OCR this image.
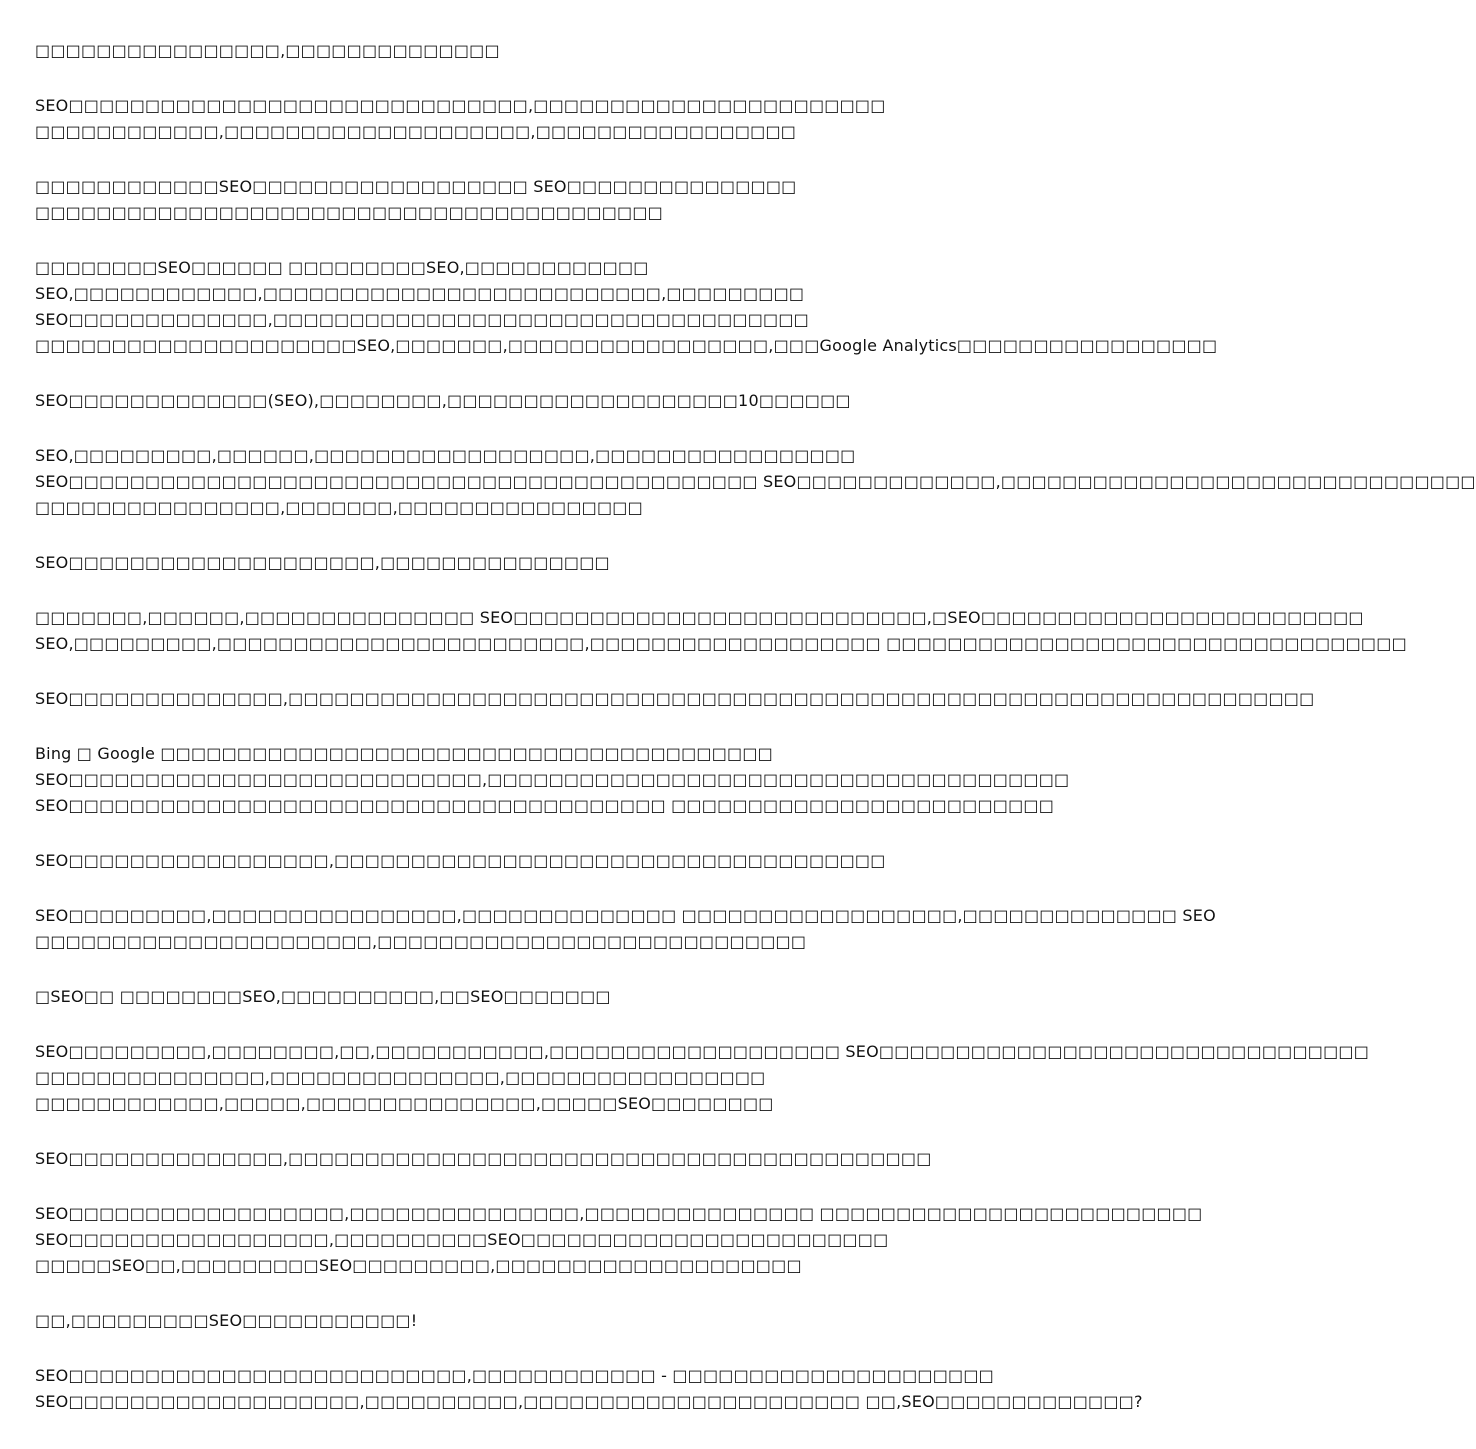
□□□□□□□□□□□□□□□□,□□□□□□□□□□□□□□
SEO□□□□□□□□□□□□□□□□□□□□□□□□□□□□□□,□□□□□□□□□□□□□□□□□□□□□□□
□□□□□□□□□□□□,□□□□□□□□□□□□□□□□□□□□,□□□□□□□□□□□□□□□□□
□□□□□□□□□□□□SEO□□□□□□□□□□□□□□□□□□ SEO□□□□□□□□□□□□□□□
□□□□□□□□□□□□□□□□□□□□□□□□□□□□□□□□□□□□□□□□□
□□□□□□□□SEO□□□□□□ □□□□□□□□□SEO,□□□□□□□□□□□□
SEO,□□□□□□□□□□□□,□□□□□□□□□□□□□□□□□□□□□□□□□□,□□□□□□□□□
SEO□□□□□□□□□□□□□,□□□□□□□□□□□□□□□□□□□□□□□□□□□□□□□□□□□
□□□□□□□□□□□□□□□□□□□□□SEO,□□□□□□□,□□□□□□□□□□□□□□□□□,□□□Google Analytics□□□□□□□□□□□□□□□□□
SEO□□□□□□□□□□□□□(SEO),□□□□□□□□,□□□□□□□□□□□□□□□□□□□10□□□□□□
SEO,□□□□□□□□□,□□□□□□,□□□□□□□□□□□□□□□□□□,□□□□□□□□□□□□□□□□□
SEO□□□□□□□□□□□□□□□□□□□□□□□□□□□□□□□□□□□□□□□□□□□□□ SEO□□□□□□□□□□□□□,□□□□□□□□□□□□□□□□□□□□□□□□□□□□□□□
□□□□□□□□□□□□□□□□,□□□□□□□,□□□□□□□□□□□□□□□□
SEO□□□□□□□□□□□□□□□□□□□□,□□□□□□□□□□□□□□□
□□□□□□□,□□□□□□,□□□□□□□□□□□□□□□ SEO□□□□□□□□□□□□□□□□□□□□□□□□□□□,□SEO□□□□□□□□□□□□□□□□□□□□□□□□□
SEO,□□□□□□□□□,□□□□□□□□□□□□□□□□□□□□□□□□,□□□□□□□□□□□□□□□□□□□ □□□□□□□□□□□□□□□□□□□□□□□□□□□□□□□□□□
SEO□□□□□□□□□□□□□□,□□□□□□□□□□□□□□□□□□□□□□□□□□□□□□□□□□□□□□□□□□□□□□□□□□□□□□□□□□□□□□□□□□□
Bing □ Google □□□□□□□□□□□□□□□□□□□□□□□□□□□□□□□□□□□□□□□□
SEO□□□□□□□□□□□□□□□□□□□□□□□□□□□,□□□□□□□□□□□□□□□□□□□□□□□□□□□□□□□□□□□□□□
SEO□□□□□□□□□□□□□□□□□□□□□□□□□□□□□□□□□□□□□□□ □□□□□□□□□□□□□□□□□□□□□□□□□
SEO□□□□□□□□□□□□□□□□□,□□□□□□□□□□□□□□□□□□□□□□□□□□□□□□□□□□□□
SEO□□□□□□□□□,□□□□□□□□□□□□□□□□,□□□□□□□□□□□□□□ □□□□□□□□□□□□□□□□□□,□□□□□□□□□□□□□□ SEO
□□□□□□□□□□□□□□□□□□□□□□,□□□□□□□□□□□□□□□□□□□□□□□□□□□□
□SEO□□ □□□□□□□□SEO,□□□□□□□□□□,□□SEO□□□□□□□
SEO□□□□□□□□□,□□□□□□□□,□□,□□□□□□□□□□□,□□□□□□□□□□□□□□□□□□□ SEO□□□□□□□□□□□□□□□□□□□□□□□□□□□□□□□□
□□□□□□□□□□□□□□□,□□□□□□□□□□□□□□□,□□□□□□□□□□□□□□□□□
□□□□□□□□□□□□,□□□□□,□□□□□□□□□□□□□□□,□□□□□SEO□□□□□□□□
SEO□□□□□□□□□□□□□□,□□□□□□□□□□□□□□□□□□□□□□□□□□□□□□□□□□□□□□□□□□
SEO□□□□□□□□□□□□□□□□□□,□□□□□□□□□□□□□□□,□□□□□□□□□□□□□□□ □□□□□□□□□□□□□□□□□□□□□□□□□
SEO□□□□□□□□□□□□□□□□□,□□□□□□□□□□SEO□□□□□□□□□□□□□□□□□□□□□□□□
□□□□□SEO□□,□□□□□□□□□SEO□□□□□□□□□,□□□□□□□□□□□□□□□□□□□□
□□,□□□□□□□□□SEO□□□□□□□□□□□!
SEO□□□□□□□□□□□□□□□□□□□□□□□□□□,□□□□□□□□□□□□ - □□□□□□□□□□□□□□□□□□□□□
SEO□□□□□□□□□□□□□□□□□□□,□□□□□□□□□□,□□□□□□□□□□□□□□□□□□□□□□ □□,SEO□□□□□□□□□□□□□?
